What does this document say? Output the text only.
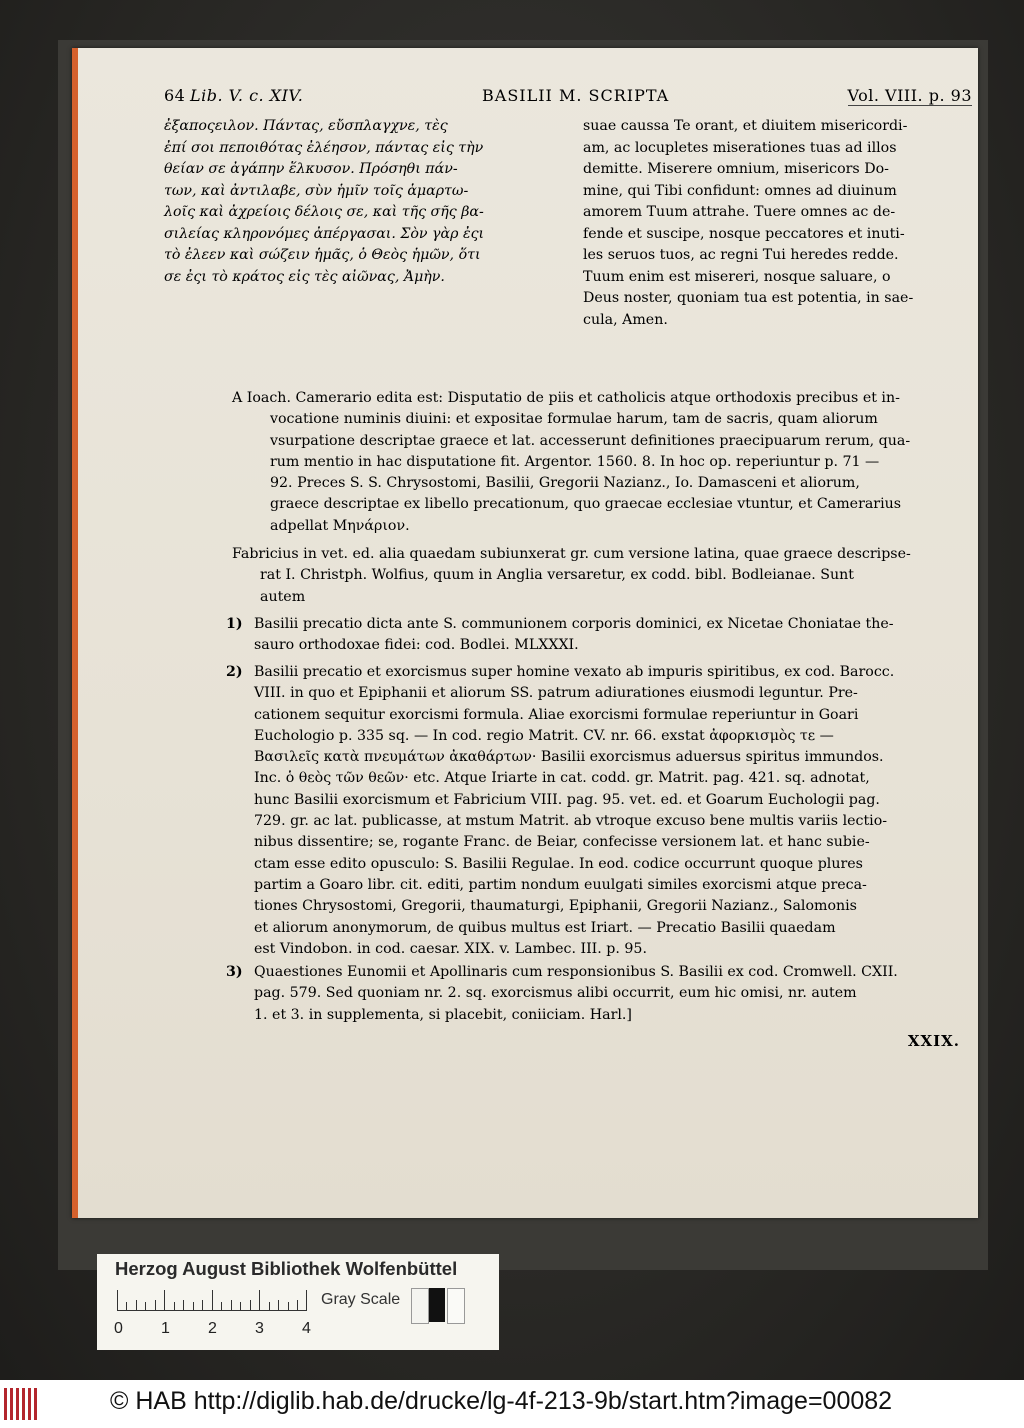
64 Lib. V. c. XIV.	BASILII M. SCRIPTA	Vol. VIII. p. 93

ἐξαποςειλον. Πάντας, εὔσπλαγχνε, τὲς

ἐπί σοι πεποιθότας ἐλέησον, πάντας εἰς τὴν

θείαν σε ἀγάπην ἕλκυσον. Πρόσηθι πάν-

των, καὶ ἀντιλαβε, σὺν ἡμῖν τοῖς ἁμαρτω-

λοῖς καὶ ἀχρείοις δέλοις σε, καὶ τῆς σῆς βα-

σιλείας κληρονόμες ἀπέργασαι. Σὸν γὰρ ἐςι

τὸ ἐλεεν καὶ σώζειν ἡμᾶς, ὁ Θεὸς ἡμῶν, ὅτι

σε ἐςι τὸ κράτος εἰς τὲς αἰῶνας, Ἀμὴν.

suae caussa Te orant, et diuitem misericordi-

am, ac locupletes miserationes tuas ad illos

demitte. Miserere omnium, misericors Do-

mine, qui Tibi confidunt: omnes ad diuinum

amorem Tuum attrahe. Tuere omnes ac de-

fende et suscipe, nosque peccatores et inuti-

les seruos tuos, ac regni Tui heredes redde.

Tuum enim est misereri, nosque saluare, o

Deus noster, quoniam tua est potentia, in sae-

cula, Amen.

A Ioach. Camerario edita est: Disputatio de piis et catholicis atque orthodoxis precibus et in-

vocatione numinis diuini: et expositae formulae harum, tam de sacris, quam aliorum

vsurpatione descriptae graece et lat. accesserunt definitiones praecipuarum rerum, qua-

rum mentio in hac disputatione fit. Argentor. 1560. 8. In hoc op. reperiuntur p. 71 —

92. Preces S. S. Chrysostomi, Basilii, Gregorii Nazianz., Io. Damasceni et aliorum,

graece descriptae ex libello precationum, quo graecae ecclesiae vtuntur, et Camerarius

adpellat Μηνάριον.

Fabricius in vet. ed. alia quaedam subiunxerat gr. cum versione latina, quae graece descripse-

rat I. Christph. Wolfius, quum in Anglia versaretur, ex codd. bibl. Bodleianae. Sunt

autem

1) Basilii precatio dicta ante S. communionem corporis dominici, ex Nicetae Choniatae the-

sauro orthodoxae fidei: cod. Bodlei. MLXXXI.

2) Basilii precatio et exorcismus super homine vexato ab impuris spiritibus, ex cod. Barocc.

VIII. in quo et Epiphanii et aliorum SS. patrum adiurationes eiusmodi leguntur. Pre-

cationem sequitur exorcismi formula. Aliae exorcismi formulae reperiuntur in Goari

Euchologio p. 335 sq. — In cod. regio Matrit. CV. nr. 66. exstat ἀφορκισμὸς τε —

Βασιλεῖς κατὰ πνευμάτων ἀκαθάρτων· Basilii exorcismus aduersus spiritus immundos.

Inc. ὁ θεὸς τῶν θεῶν· etc. Atque Iriarte in cat. codd. gr. Matrit. pag. 421. sq. adnotat,

hunc Basilii exorcismum et Fabricium VIII. pag. 95. vet. ed. et Goarum Euchologii pag.

729. gr. ac lat. publicasse, at mstum Matrit. ab vtroque excuso bene multis variis lectio-

nibus dissentire; se, rogante Franc. de Beiar, confecisse versionem lat. et hanc subie-

ctam esse edito opusculo: S. Basilii Regulae. In eod. codice occurrunt quoque plures

partim a Goaro libr. cit. editi, partim nondum euulgati similes exorcismi atque preca-

tiones Chrysostomi, Gregorii, thaumaturgi, Epiphanii, Gregorii Nazianz., Salomonis

et aliorum anonymorum, de quibus multus est Iriart. — Precatio Basilii quaedam

est Vindobon. in cod. caesar. XIX. v. Lambec. III. p. 95.

3) Quaestiones Eunomii et Apollinaris cum responsionibus S. Basilii ex cod. Cromwell. CXII.

pag. 579. Sed quoniam nr. 2. sq. exorcismus alibi occurrit, eum hic omisi, nr. autem

1. et 3. in supplementa, si placebit, coniiciam. Harl.]

XXIX.
Herzog August Bibliothek Wolfenbüttel
0 1 2 3 4
Gray Scale
© HAB http://diglib.hab.de/drucke/lg-4f-213-9b/start.htm?image=00082
